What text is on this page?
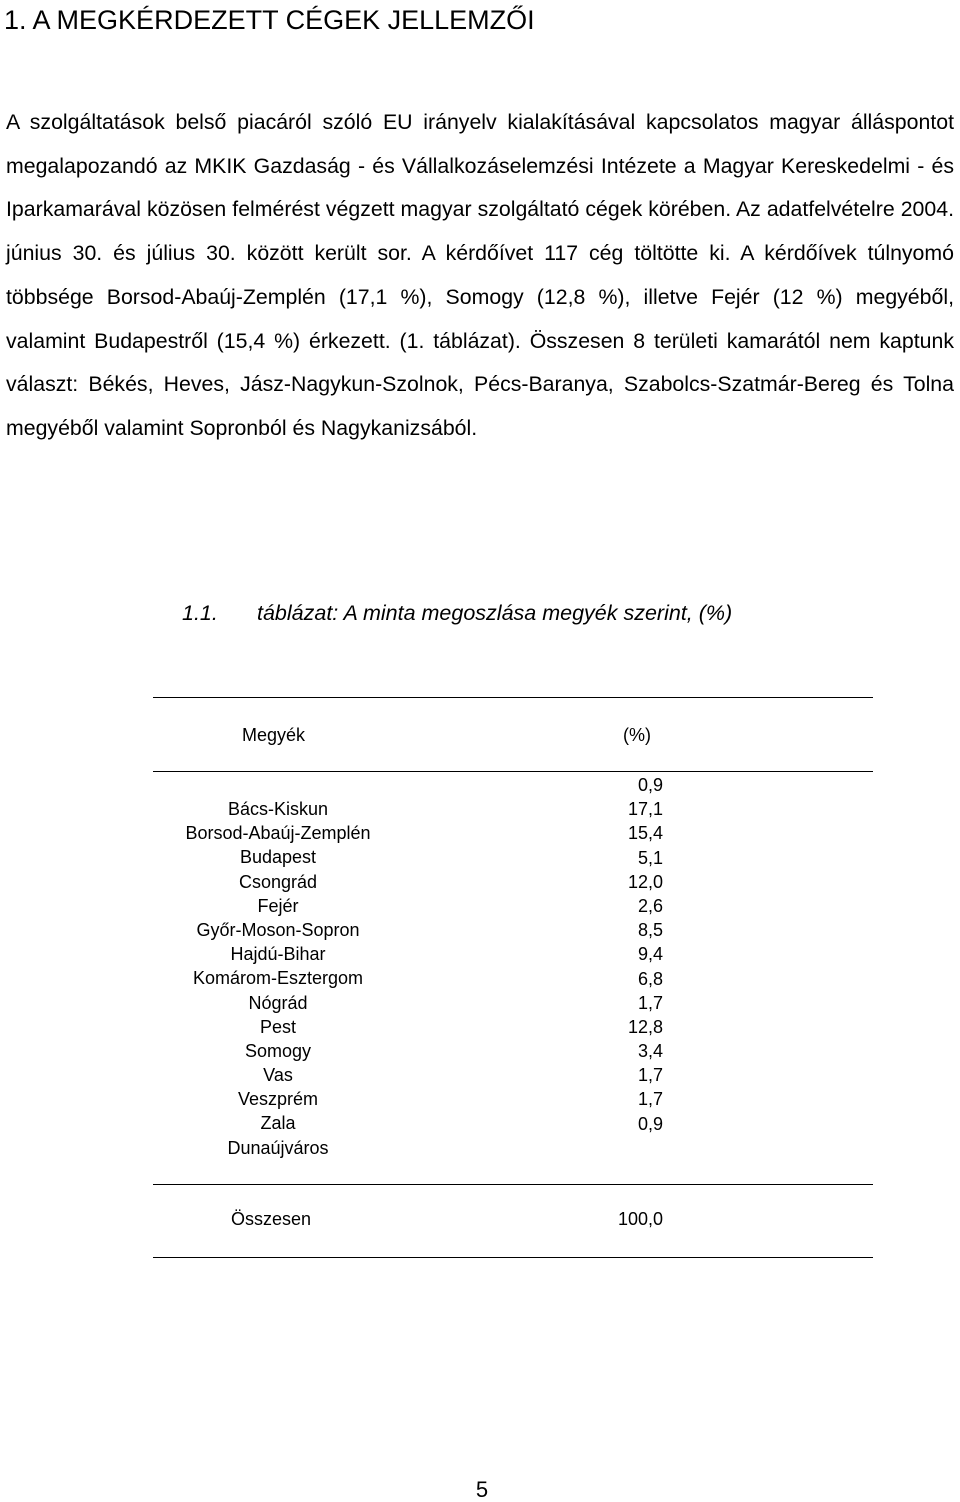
1. A MEGKÉRDEZETT CÉGEK JELLEMZŐI

A szolgáltatások belső piacáról szóló EU irányelv kialakításával kapcsolatos magyar álláspontot megalapozandó az MKIK Gazdaság - és Vállalkozáselemzési Intézete a Magyar Kereskedelmi - és Iparkamarával közösen felmérést végzett magyar szolgáltató cégek körében. Az adatfelvételre 2004. június 30. és július 30. között került sor. A kérdőívet 117 cég töltötte ki. A kérdőívek túlnyomó többsége Borsod-Abaúj-Zemplén (17,1 %), Somogy (12,8 %), illetve Fejér (12 %) megyéből, valamint Budapestről (15,4 %) érkezett. (1. táblázat). Összesen 8 területi kamarától nem kaptunk választ: Békés, Heves, Jász-Nagykun-Szolnok, Pécs-Baranya, Szabolcs-Szatmár-Bereg és Tolna megyéből valamint Sopronból és Nagykanizsából.

1.1. táblázat: A minta megoszlása megyék szerint, (%)

Megyék	(%)
Bács-Kiskun
Borsod-Abaúj-Zemplén
Budapest
Csongrád
Fejér
Győr-Moson-Sopron
Hajdú-Bihar
Komárom-Esztergom
Nógrád
Pest
Somogy
Vas
Veszprém
Zala
Dunaújváros
0,9
17,1
15,4
5,1
12,0
2,6
8,5
9,4
6,8
1,7
12,8
3,4
1,7
1,7
0,9
Összesen	100,0

5
